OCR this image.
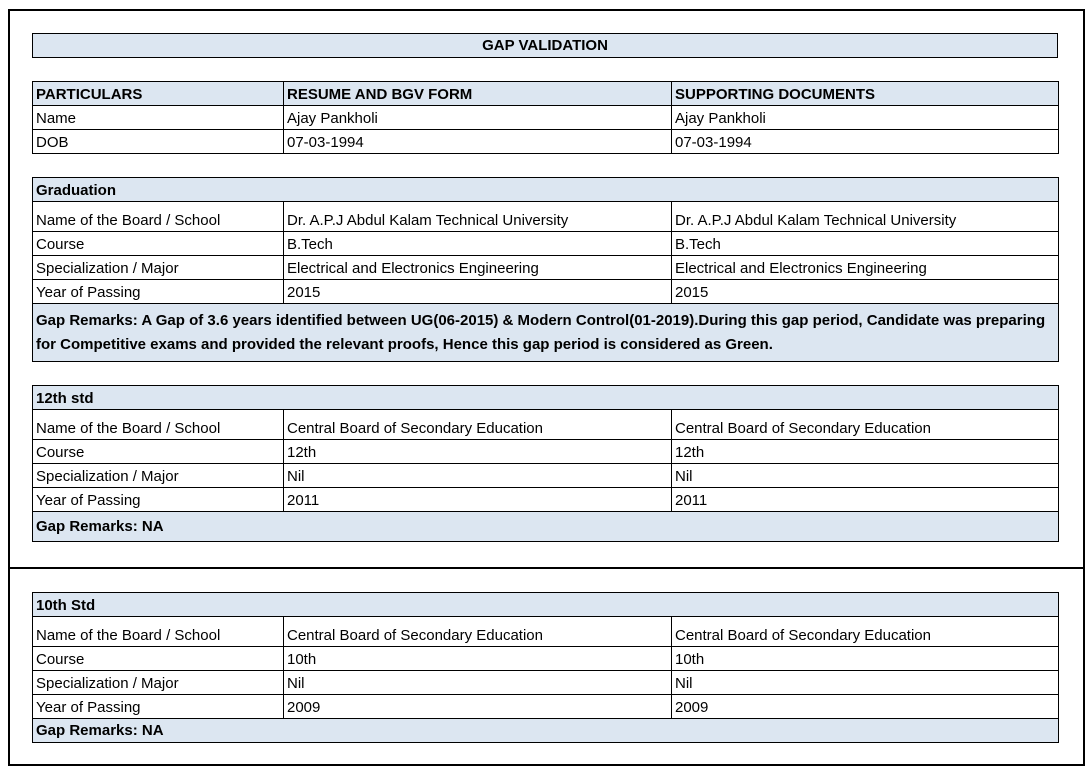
GAP VALIDATION
PARTICULARS	RESUME AND BGV FORM	SUPPORTING DOCUMENTS
Name	Ajay Pankholi	Ajay Pankholi
DOB	07-03-1994	07-03-1994
Graduation		
Name of the Board / School	Dr. A.P.J Abdul Kalam Technical University	Dr. A.P.J Abdul Kalam Technical University
Course	B.Tech	B.Tech
Specialization / Major	Electrical and Electronics Engineering	Electrical and Electronics Engineering
Year of Passing	2015	2015
Gap Remarks: A Gap of 3.6 years identified between UG(06-2015) & Modern Control(01-2019).During this gap period, Candidate was preparing for Competitive exams and provided the relevant proofs, Hence this gap period is considered as Green.		
12th std		
Name of the Board / School	Central Board of Secondary Education	Central Board of Secondary Education
Course	12th	12th
Specialization / Major	Nil	Nil
Year of Passing	2011	2011
Gap Remarks: NA		
10th Std		
Name of the Board / School	Central Board of Secondary Education	Central Board of Secondary Education
Course	10th	10th
Specialization / Major	Nil	Nil
Year of Passing	2009	2009
Gap Remarks: NA		
